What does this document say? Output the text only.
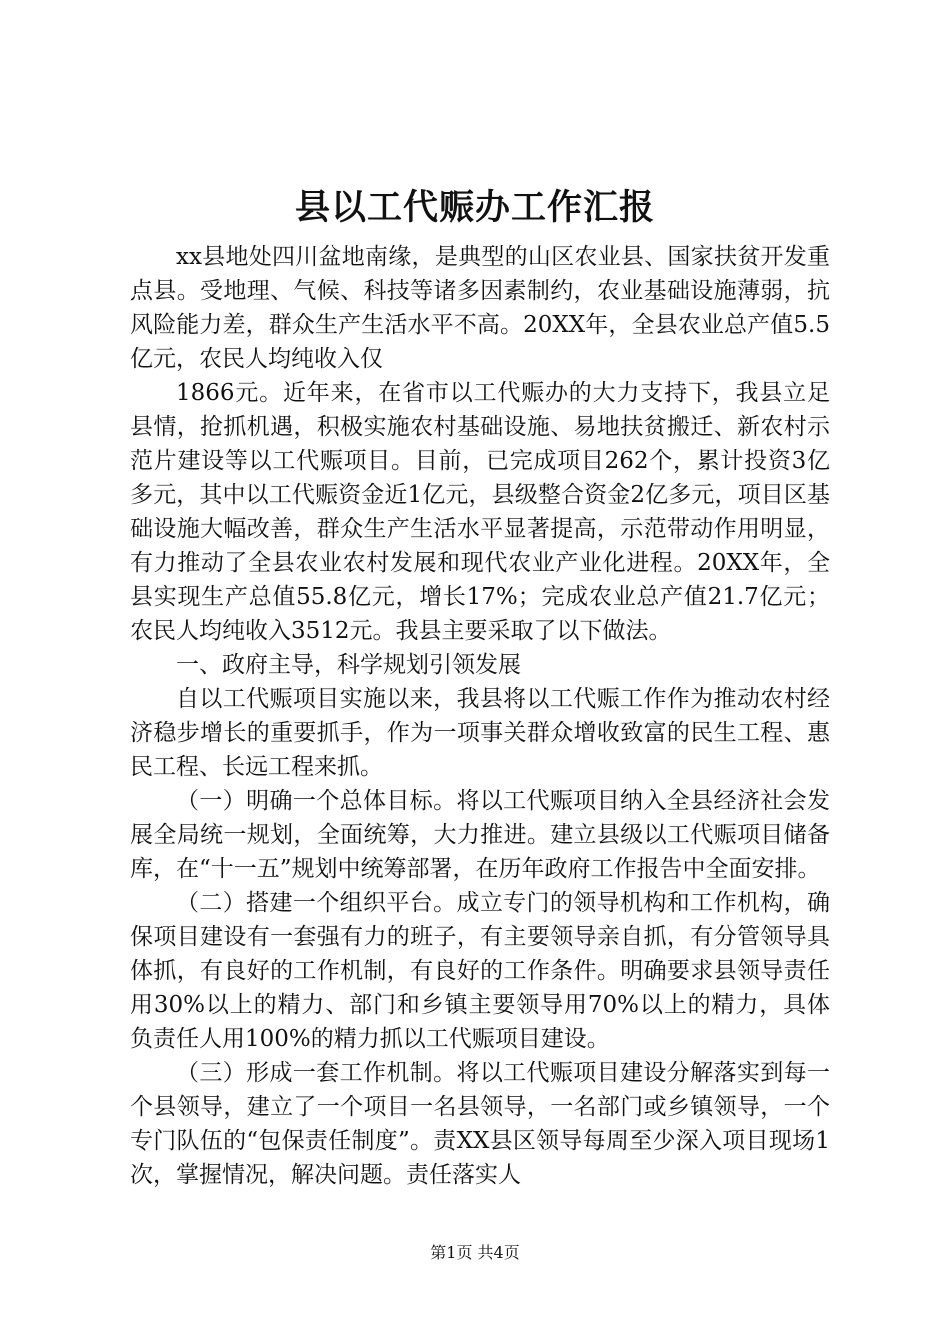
县以工代赈办工作汇报

xx县地处四川盆地南缘，是典型的山区农业县、国家扶贫开发重点县。受地理、气候、科技等诸多因素制约，农业基础设施薄弱，抗风险能力差，群众生产生活水平不高。20XX年，全县农业总产值5.5亿元，农民人均纯收入仅

1866元。近年来，在省市以工代赈办的大力支持下，我县立足县情，抢抓机遇，积极实施农村基础设施、易地扶贫搬迁、新农村示范片建设等以工代赈项目。目前，已完成项目262个，累计投资3亿多元，其中以工代赈资金近1亿元，县级整合资金2亿多元，项目区基础设施大幅改善，群众生产生活水平显著提高，示范带动作用明显，有力推动了全县农业农村发展和现代农业产业化进程。20XX年，全县实现生产总值55.8亿元，增长17%；完成农业总产值21.7亿元；农民人均纯收入3512元。我县主要采取了以下做法。

一、政府主导，科学规划引领发展

自以工代赈项目实施以来，我县将以工代赈工作作为推动农村经济稳步增长的重要抓手，作为一项事关群众增收致富的民生工程、惠民工程、长远工程来抓。

（一）明确一个总体目标。将以工代赈项目纳入全县经济社会发展全局统一规划，全面统筹，大力推进。建立县级以工代赈项目储备库，在“十一五”规划中统筹部署，在历年政府工作报告中全面安排。

（二）搭建一个组织平台。成立专门的领导机构和工作机构，确保项目建设有一套强有力的班子，有主要领导亲自抓，有分管领导具体抓，有良好的工作机制，有良好的工作条件。明确要求县领导责任用30%以上的精力、部门和乡镇主要领导用70%以上的精力，具体负责任人用100%的精力抓以工代赈项目建设。

（三）形成一套工作机制。将以工代赈项目建设分解落实到每一个县领导，建立了一个项目一名县领导，一名部门或乡镇领导，一个专门队伍的“包保责任制度”。责XX县区领导每周至少深入项目现场1次，掌握情况，解决问题。责任落实人

第1页 共4页
